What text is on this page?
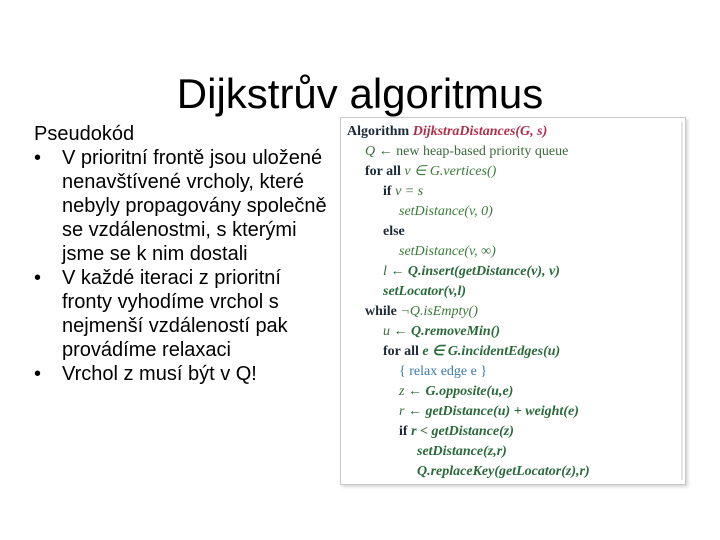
Dijkstrův algoritmus

Pseudokód

•	V prioritní frontě jsou uložené nenavštívené vrcholy, které nebyly propagovány společně se vzdálenostmi, s kterými jsme se k nim dostali
•	V každé iteraci z prioritní fronty vyhodíme vrchol s nejmenší vzdáleností pak provádíme relaxaci
•	Vrchol z musí být v Q!
Algorithm DijkstraDistances(G, s)
Q ← new heap-based priority queue
for all v ∈ G.vertices()
if v = s
setDistance(v, 0)
else
setDistance(v, ∞)
l ← Q.insert(getDistance(v), v)
setLocator(v,l)
while ¬Q.isEmpty()
u ← Q.removeMin()
for all e ∈ G.incidentEdges(u)
{ relax edge e }
z ← G.opposite(u,e)
r ← getDistance(u) + weight(e)
if r < getDistance(z)
setDistance(z,r)
Q.replaceKey(getLocator(z),r)
